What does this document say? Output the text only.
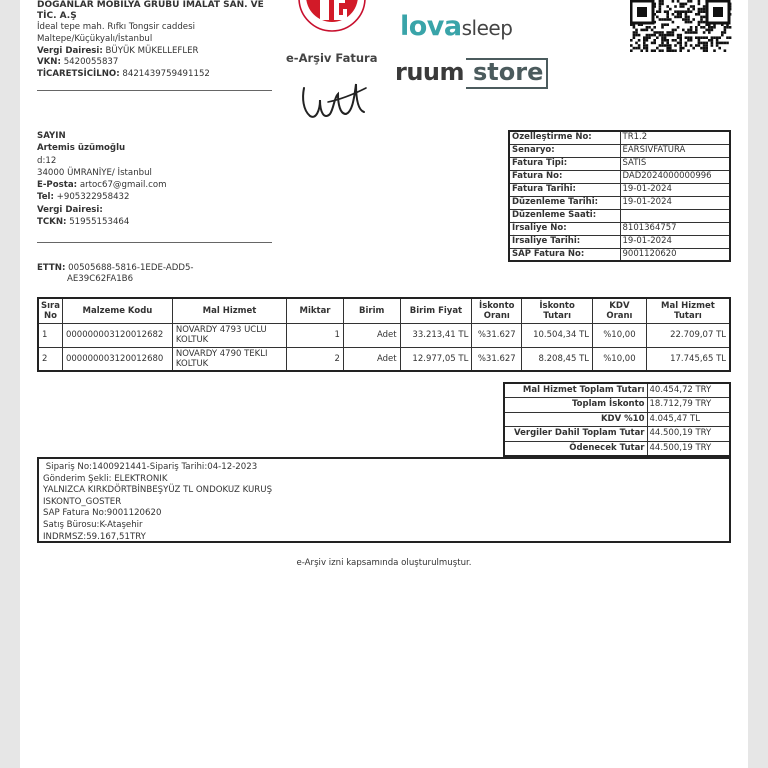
DOĞANLAR MOBİLYA GRUBU İMALAT SAN. VE
TİC. A.Ş
İdeal tepe mah. Rıfkı Tongsir caddesi
Maltepe/Küçükyalı/İstanbul
Vergi Dairesi: BÜYÜK MÜKELLEFLER
VKN: 5420055837
TİCARETSİCİLNO: 8421439759491152
e-Arşiv Fatura
lovasleep
ruum store
SAYIN
Artemis üzümoğlu
d:12
34000 ÜMRANİYE/ İstanbul
E-Posta: artoc67@gmail.com
Tel: +905322958432
Vergi Dairesi:
TCKN: 51955153464
ETTN: 00505688-5816-1EDE-ADD5-
AE39C62FA1B6
Özelleştirme No:	TR1.2
Senaryo:	EARSIVFATURA
Fatura Tipi:	SATIS
Fatura No:	DAD2024000000996
Fatura Tarihi:	19-01-2024
Düzenleme Tarihi:	19-01-2024
Düzenleme Saati:	
İrsaliye No:	8101364757
İrsaliye Tarihi:	19-01-2024
SAP Fatura No:	9001120620
Sıra No	Malzeme Kodu	Mal Hizmet	Miktar	Birim	Birim Fiyat	İskonto Oranı	İskonto Tutarı	KDV Oranı	Mal Hizmet Tutarı
1	000000003120012682	NOVARDY 4793 UCLU KOLTUK	1	Adet	33.213,41 TL	%31.627	10.504,34 TL	%10,00	22.709,07 TL
2	000000003120012680	NOVARDY 4790 TEKLI KOLTUK	2	Adet	12.977,05 TL	%31.627	8.208,45 TL	%10,00	17.745,65 TL
Mal Hizmet Toplam Tutarı	40.454,72 TRY
Toplam İskonto	18.712,79 TRY
KDV %10	4.045,47 TL
Vergiler Dahil Toplam Tutar	44.500,19 TRY
Ödenecek Tutar	44.500,19 TRY
Sipariş No:1400921441-Sipariş Tarihi:04-12-2023
Gönderim Şekli: ELEKTRONIK
YALNIZCA KIRKDÖRTBİNBEŞYÜZ TL ONDOKUZ KURUŞ
ISKONTO_GOSTER
SAP Fatura No:9001120620
Satış Bürosu:K-Ataşehir
INDRMSZ:59.167,51TRY
e-Arşiv izni kapsamında oluşturulmuştur.
